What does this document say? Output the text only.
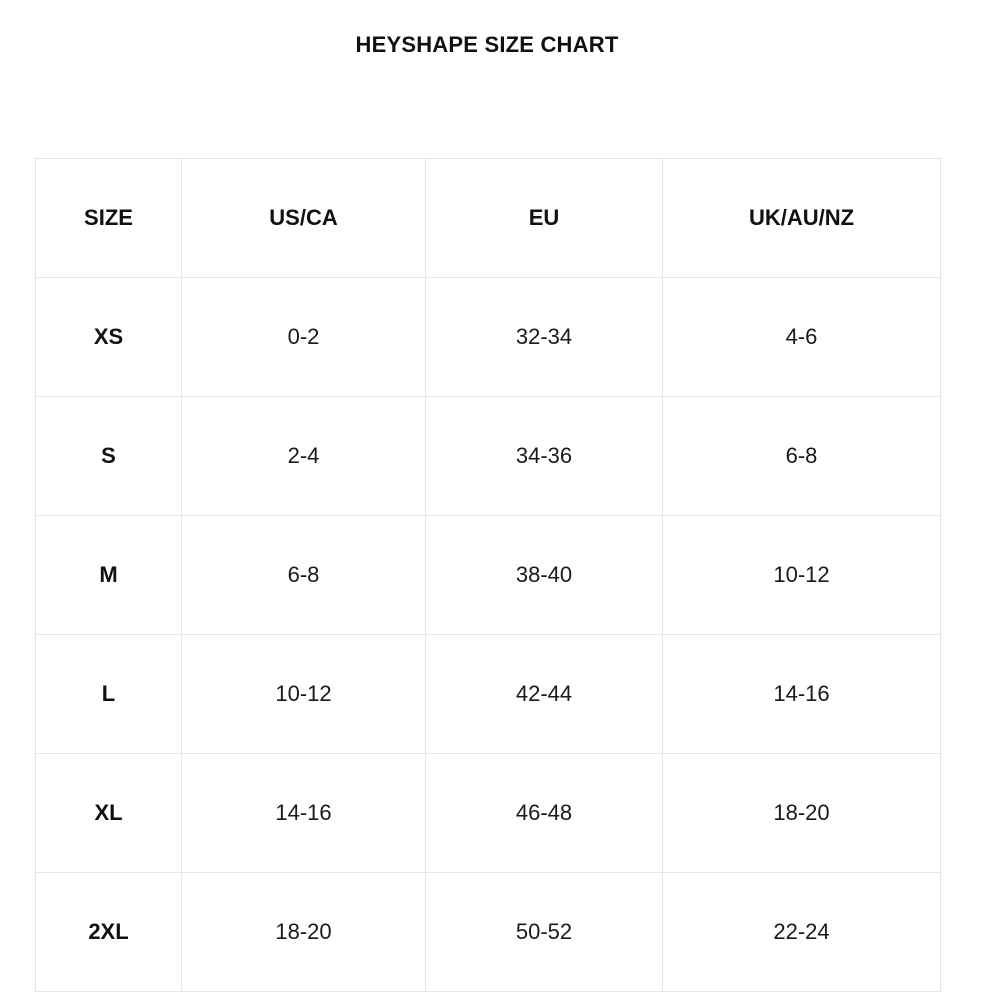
HEYSHAPE SIZE CHART
SIZE	US/CA	EU	UK/AU/NZ
XS	0-2	32-34	4-6
S	2-4	34-36	6-8
M	6-8	38-40	10-12
L	10-12	42-44	14-16
XL	14-16	46-48	18-20
2XL	18-20	50-52	22-24
